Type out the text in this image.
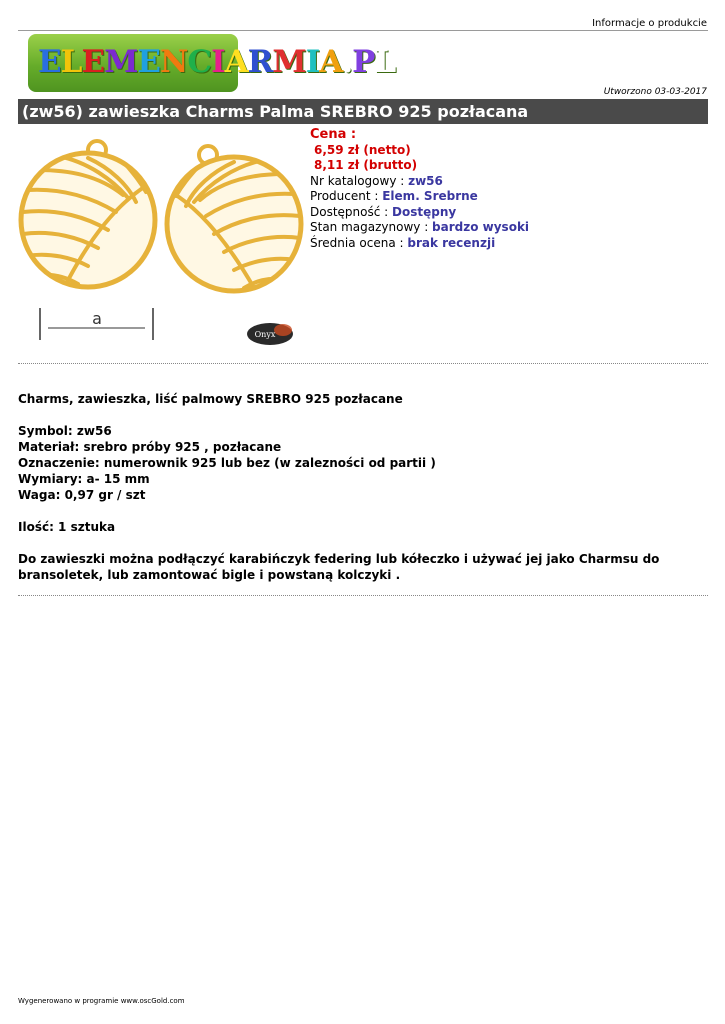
Informacje o produkcie
ELEMENCIARMIA.PL
Utworzono 03-03-2017
(zw56) zawieszka Charms Palma SREBRO 925 pozłacana
a
Onyx
Cena :
6,59 zł (netto)
8,11 zł (brutto)
Nr katalogowy : zw56
Producent : Elem. Srebrne
Dostępność : Dostępny
Stan magazynowy : bardzo wysoki
Średnia ocena : brak recenzji

Charms, zawieszka, liść palmowy SREBRO 925 pozłacane

Symbol: zw56

Materiał: srebro próby 925 , pozłacane

Oznaczenie: numerownik 925 lub bez (w zalezności od partii )

Wymiary: a- 15 mm

Waga: 0,97 gr / szt

Ilość: 1 sztuka

Do zawieszki można podłączyć karabińczyk federing lub kółeczko i używać jej jako Charmsu do bransoletek, lub zamontować bigle i powstaną kolczyki .

Wygenerowano w programie www.oscGold.com
